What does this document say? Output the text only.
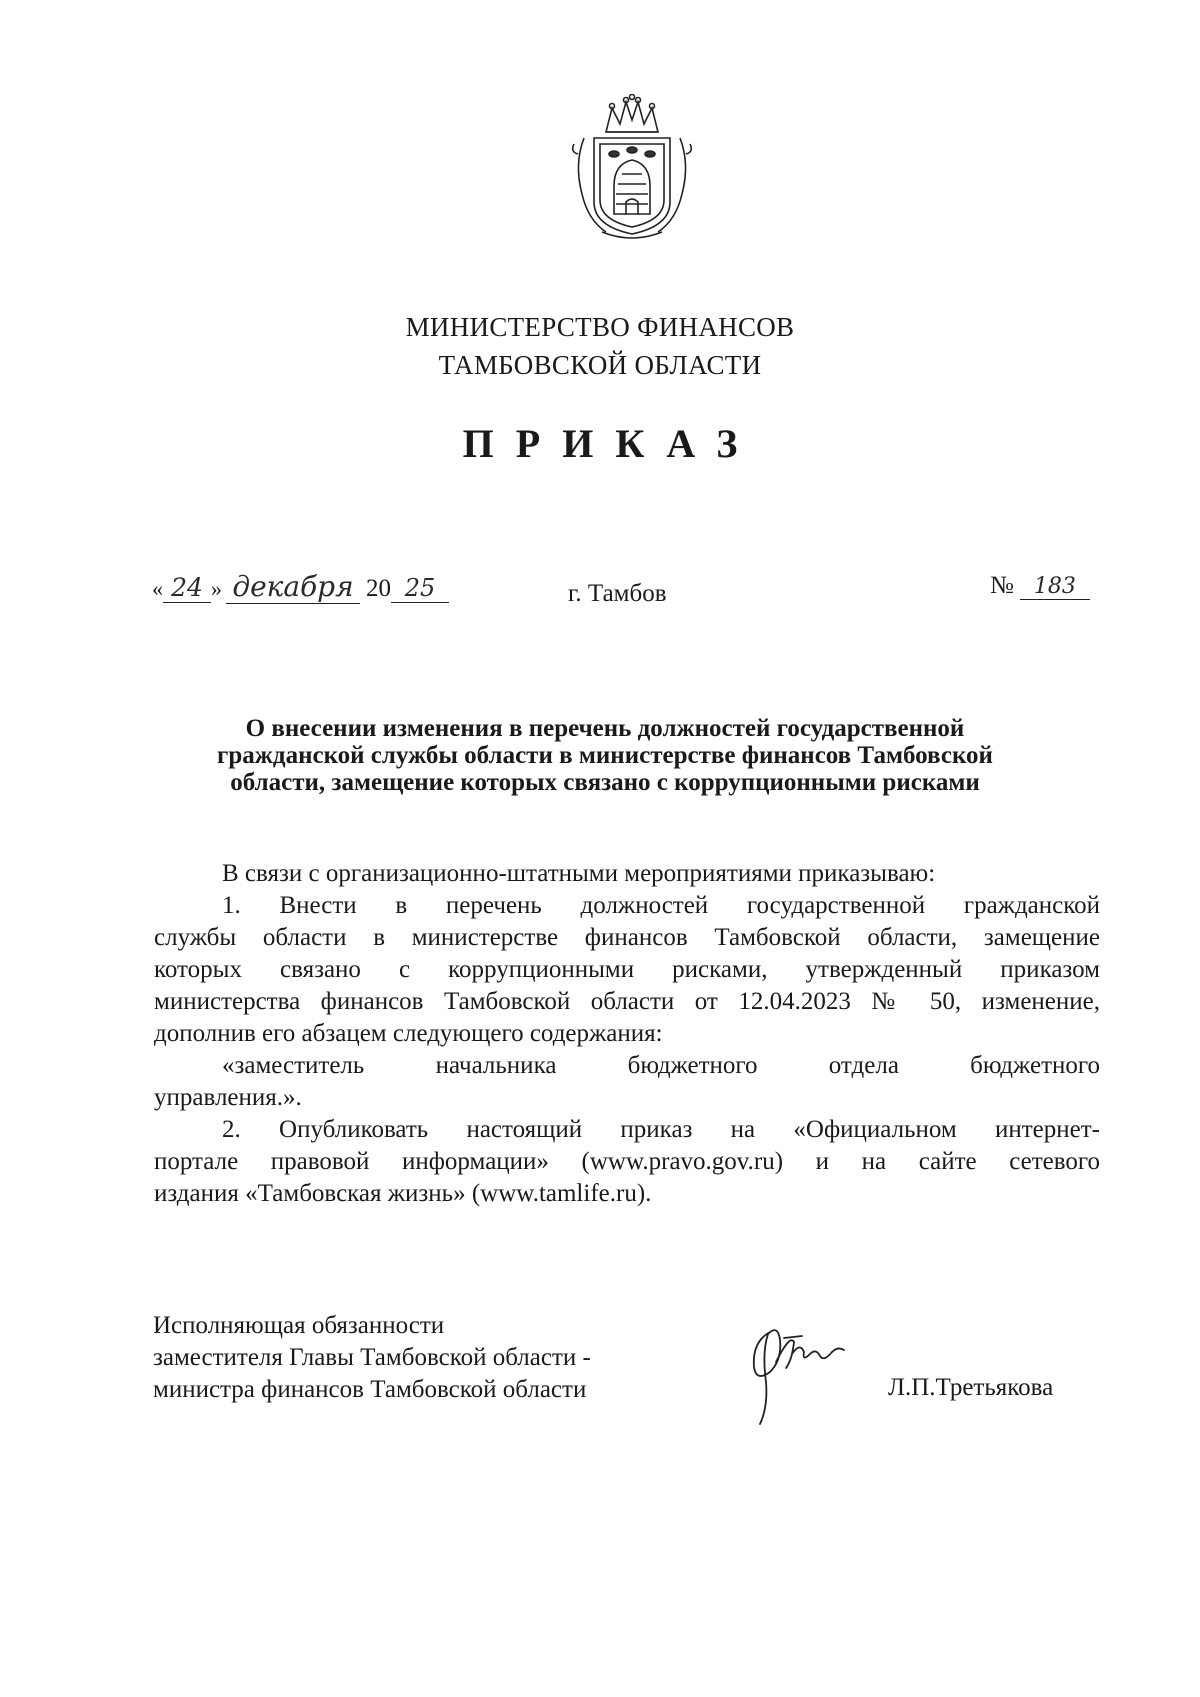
МИНИСТЕРСТВО ФИНАНСОВ
ТАМБОВСКОЙ ОБЛАСТИ
ПРИКАЗ
« 24 » декабря 20 25	г. Тамбов	№ 183
О внесении изменения в перечень должностей государственной
гражданской службы области в министерстве финансов Тамбовской
области, замещение которых связано с коррупционными рисками
В связи с организационно-штатными мероприятиями приказываю:
1. Внести в перечень должностей государственной гражданской
службы области в министерстве финансов Тамбовской области, замещение
которых связано с коррупционными рисками, утвержденный приказом
министерства финансов Тамбовской области от 12.04.2023 № 50, изменение,
дополнив его абзацем следующего содержания:
«заместитель начальника бюджетного отдела бюджетного
управления.».
2. Опубликовать настоящий приказ на «Официальном интернет-
портале правовой информации» (www.pravo.gov.ru) и на сайте сетевого
издания «Тамбовская жизнь» (www.tamlife.ru).
Исполняющая обязанности
заместителя Главы Тамбовской области -
министра финансов Тамбовской области	Л.П.Третьякова
